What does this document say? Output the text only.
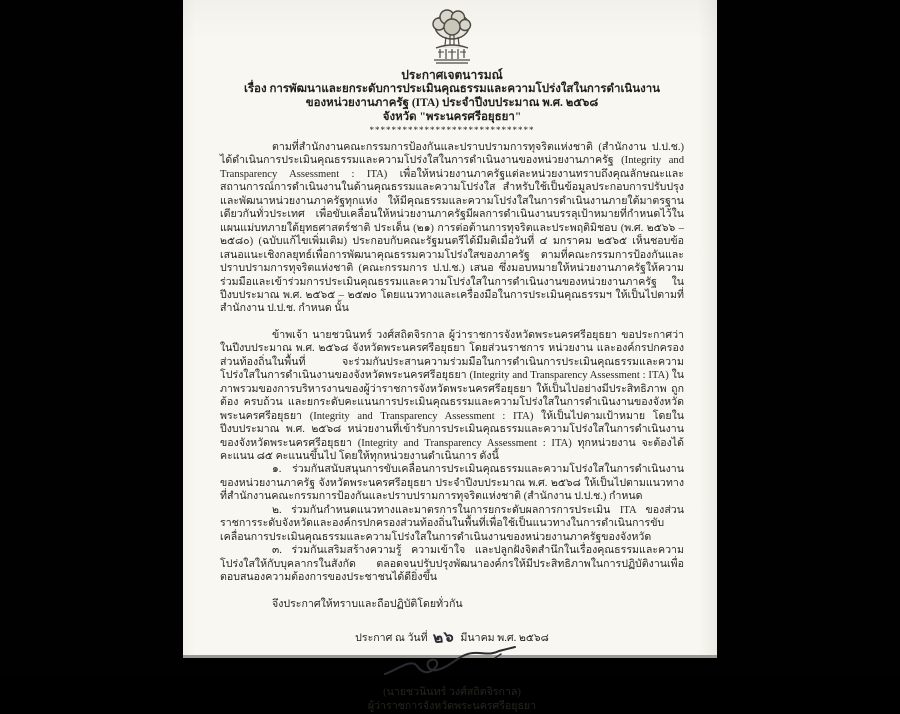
ประกาศเจตนารมณ์
เรื่อง การพัฒนาและยกระดับการประเมินคุณธรรมและความโปร่งใสในการดำเนินงาน
ของหน่วยงานภาครัฐ (ITA) ประจำปีงบประมาณ พ.ศ. ๒๕๖๘
จังหวัด "พระนครศรีอยุธยา"
******************************

ตามที่สำนักงานคณะกรรมการป้องกันและปราบปรามการทุจริตแห่งชาติ (สำนักงาน ป.ป.ช.) ได้ดำเนินการประเมินคุณธรรมและความโปร่งใสในการดำเนินงานของหน่วยงานภาครัฐ (Integrity and Transparency Assessment : ITA) เพื่อให้หน่วยงานภาครัฐแต่ละหน่วยงานทราบถึงคุณลักษณะและสถานการณ์การดำเนินงานในด้านคุณธรรมและความโปร่งใส สำหรับใช้เป็นข้อมูลประกอบการปรับปรุงและพัฒนาหน่วยงานภาครัฐทุกแห่ง ให้มีคุณธรรมและความโปร่งใสในการดำเนินงานภายใต้มาตรฐานเดียวกันทั่วประเทศ เพื่อขับเคลื่อนให้หน่วยงานภาครัฐมีผลการดำเนินงานบรรลุเป้าหมายที่กำหนดไว้ในแผนแม่บทภายใต้ยุทธศาสตร์ชาติ ประเด็น (๒๑) การต่อต้านการทุจริตและประพฤติมิชอบ (พ.ศ. ๒๕๖๖ – ๒๕๘๐) (ฉบับแก้ไขเพิ่มเติม) ประกอบกับคณะรัฐมนตรีได้มีมติเมื่อวันที่ ๔ มกราคม ๒๕๖๕ เห็นชอบข้อเสนอแนะเชิงกลยุทธ์เพื่อการพัฒนาคุณธรรมความโปร่งใสของภาครัฐ ตามที่คณะกรรมการป้องกันและปราบปรามการทุจริตแห่งชาติ (คณะกรรมการ ป.ป.ช.) เสนอ ซึ่งมอบหมายให้หน่วยงานภาครัฐให้ความร่วมมือและเข้าร่วมการประเมินคุณธรรมและความโปร่งใสในการดำเนินงานของหน่วยงานภาครัฐ ในปีงบประมาณ พ.ศ. ๒๕๖๕ – ๒๕๗๐ โดยแนวทางและเครื่องมือในการประเมินคุณธรรมฯ ให้เป็นไปตามที่สำนักงาน ป.ป.ช. กำหนด นั้น

ข้าพเจ้า นายชวนินทร์ วงศ์สถิตจิรกาล ผู้ว่าราชการจังหวัดพระนครศรีอยุธยา ขอประกาศว่า ในปีงบประมาณ พ.ศ. ๒๕๖๘ จังหวัดพระนครศรีอยุธยา โดยส่วนราชการ หน่วยงาน และองค์กรปกครองส่วนท้องถิ่นในพื้นที่ จะร่วมกันประสานความร่วมมือในการดำเนินการประเมินคุณธรรมและความโปร่งใสในการดำเนินงานของจังหวัดพระนครศรีอยุธยา (Integrity and Transparency Assessment : ITA) ในภาพรวมของการบริหารงานของผู้ว่าราชการจังหวัดพระนครศรีอยุธยา ให้เป็นไปอย่างมีประสิทธิภาพ ถูกต้อง ครบถ้วน และยกระดับคะแนนการประเมินคุณธรรมและความโปร่งใสในการดำเนินงานของจังหวัดพระนครศรีอยุธยา (Integrity and Transparency Assessment : ITA) ให้เป็นไปตามเป้าหมาย โดยในปีงบประมาณ พ.ศ. ๒๕๖๘ หน่วยงานที่เข้ารับการประเมินคุณธรรมและความโปร่งใสในการดำเนินงานของจังหวัดพระนครศรีอยุธยา (Integrity and Transparency Assessment : ITA) ทุกหน่วยงาน จะต้องได้คะแนน ๘๕ คะแนนขึ้นไป โดยให้ทุกหน่วยงานดำเนินการ ดังนี้

๑. ร่วมกันสนับสนุนการขับเคลื่อนการประเมินคุณธรรมและความโปร่งใสในการดำเนินงานของหน่วยงานภาครัฐ จังหวัดพระนครศรีอยุธยา ประจำปีงบประมาณ พ.ศ. ๒๕๖๘ ให้เป็นไปตามแนวทางที่สำนักงานคณะกรรมการป้องกันและปราบปรามการทุจริตแห่งชาติ (สำนักงาน ป.ป.ช.) กำหนด

๒. ร่วมกันกำหนดแนวทางและมาตรการในการยกระดับผลการการประเมิน ITA ของส่วนราชการระดับจังหวัดและองค์กรปกครองส่วนท้องถิ่นในพื้นที่เพื่อใช้เป็นแนวทางในการดำเนินการขับเคลื่อนการประเมินคุณธรรมและความโปร่งใสในการดำเนินงานของหน่วยงานภาครัฐของจังหวัด

๓. ร่วมกันเสริมสร้างความรู้ ความเข้าใจ และปลูกฝังจิตสำนึกในเรื่องคุณธรรมและความโปร่งใสให้กับบุคลากรในสังกัด ตลอดจนปรับปรุงพัฒนาองค์กรให้มีประสิทธิภาพในการปฏิบัติงานเพื่อตอบสนองความต้องการของประชาชนได้ดียิ่งขึ้น

จึงประกาศให้ทราบและถือปฏิบัติโดยทั่วกัน

ประกาศ ณ วันที่ ๒๖ มีนาคม พ.ศ. ๒๕๖๘
(นายชวนินทร์ วงศ์สถิตจิรกาล)
ผู้ว่าราชการจังหวัดพระนครศรีอยุธยา
